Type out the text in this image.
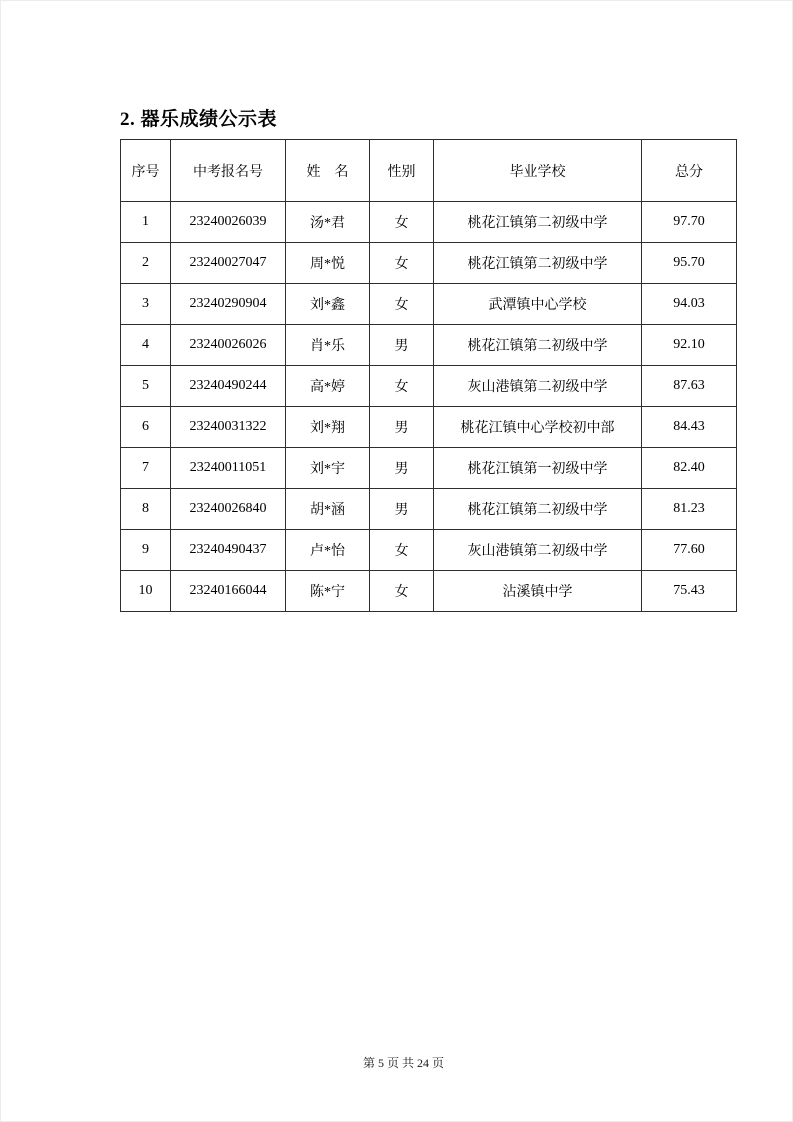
2. 器乐成绩公示表
序号	中考报名号	姓　名	性别	毕业学校	总分
1	23240026039	汤*君	女	桃花江镇第二初级中学	97.70
2	23240027047	周*悦	女	桃花江镇第二初级中学	95.70
3	23240290904	刘*鑫	女	武潭镇中心学校	94.03
4	23240026026	肖*乐	男	桃花江镇第二初级中学	92.10
5	23240490244	高*婷	女	灰山港镇第二初级中学	87.63
6	23240031322	刘*翔	男	桃花江镇中心学校初中部	84.43
7	23240011051	刘*宇	男	桃花江镇第一初级中学	82.40
8	23240026840	胡*涵	男	桃花江镇第二初级中学	81.23
9	23240490437	卢*怡	女	灰山港镇第二初级中学	77.60
10	23240166044	陈*宁	女	沾溪镇中学	75.43

第 5 页 共 24 页
